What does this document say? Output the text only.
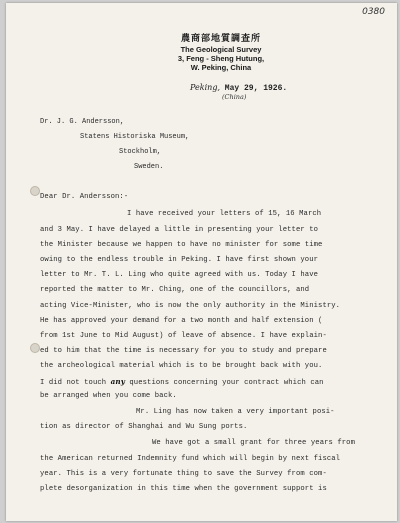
0380
農商部地質調查所
The Geological Survey
3, Feng - Sheng Hutung,
W. Peking, China
Peking, May 29, 1926.
(China)
Dr. J. G. Andersson,
Statens Historiska Museum,
Stockholm,
Sweden.
Dear Dr. Andersson:-
I have received your letters of 15, 16 March
and 3 May. I have delayed a little in presenting your letter to
the Minister because we happen to have no minister for some time
owing to the endless trouble in Peking. I have first shown your
letter to Mr. T. L. Ling who quite agreed with us. Today I have
reported the matter to Mr. Ching, one of the councillors, and
acting Vice-Minister, who is now the only authority in the Ministry.
He has approved your demand for a two month and half extension (
from 1st June to Mid August) of leave of absence. I have explain-
ed to him that the time is necessary for you to study and prepare
the archeological material which is to be brought back with you.
I did not touch any questions concerning your contract which can
be arranged when you come back.
Mr. Ling has now taken a very important posi-
tion as director of Shanghai and Wu Sung ports.
We have got a small grant for three years from
the American returned Indemnity fund which will begin by next fiscal
year. This is a very fortunate thing to save the Survey from com-
plete desorganization in this time when the government support is
